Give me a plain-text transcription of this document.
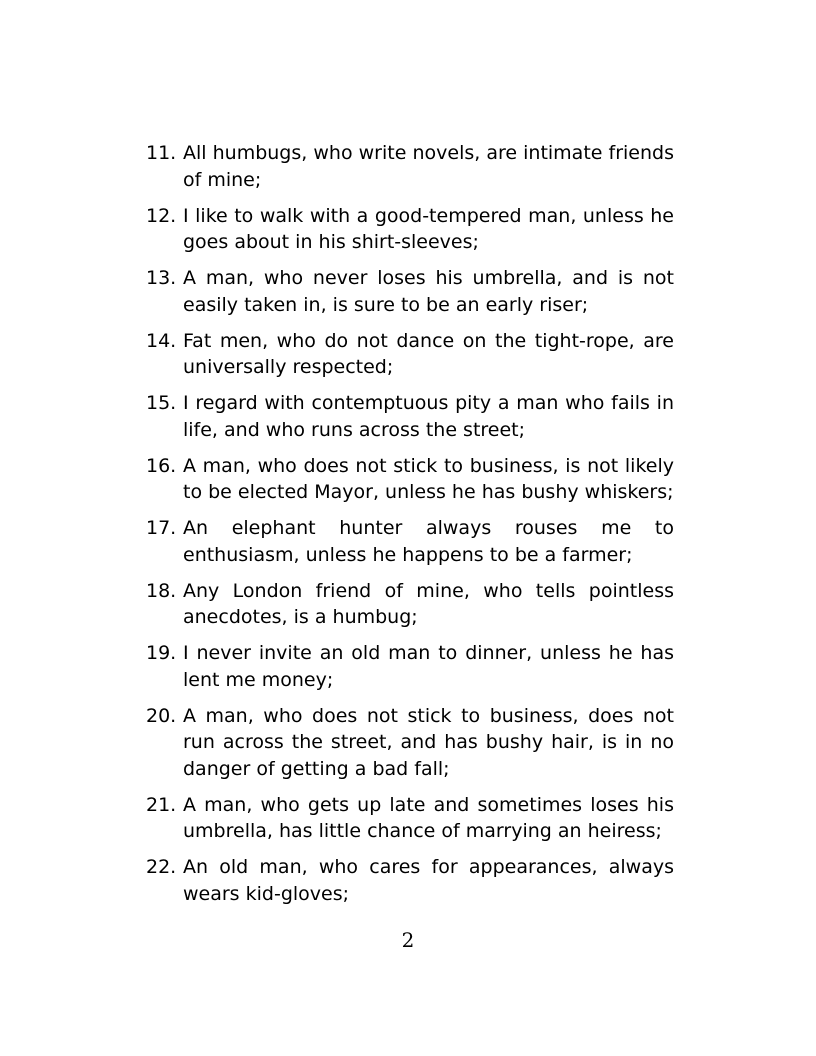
11. All humbugs, who write novels, are intimate friends of mine;
12. I like to walk with a good-tempered man, unless he goes about in his shirt-sleeves;
13. A man, who never loses his umbrella, and is not easily taken in, is sure to be an early riser;
14. Fat men, who do not dance on the tight-rope, are universally respected;
15. I regard with contemptuous pity a man who fails in life, and who runs across the street;
16. A man, who does not stick to business, is not likely to be elected Mayor, unless he has bushy whiskers;
17. An elephant hunter always rouses me to enthusiasm, unless he happens to be a farmer;
18. Any London friend of mine, who tells pointless anecdotes, is a humbug;
19. I never invite an old man to dinner, unless he has lent me money;
20. A man, who does not stick to business, does not run across the street, and has bushy hair, is in no danger of getting a bad fall;
21. A man, who gets up late and sometimes loses his umbrella, has little chance of marrying an heiress;
22. An old man, who cares for appearances, always wears kid-gloves;
2
